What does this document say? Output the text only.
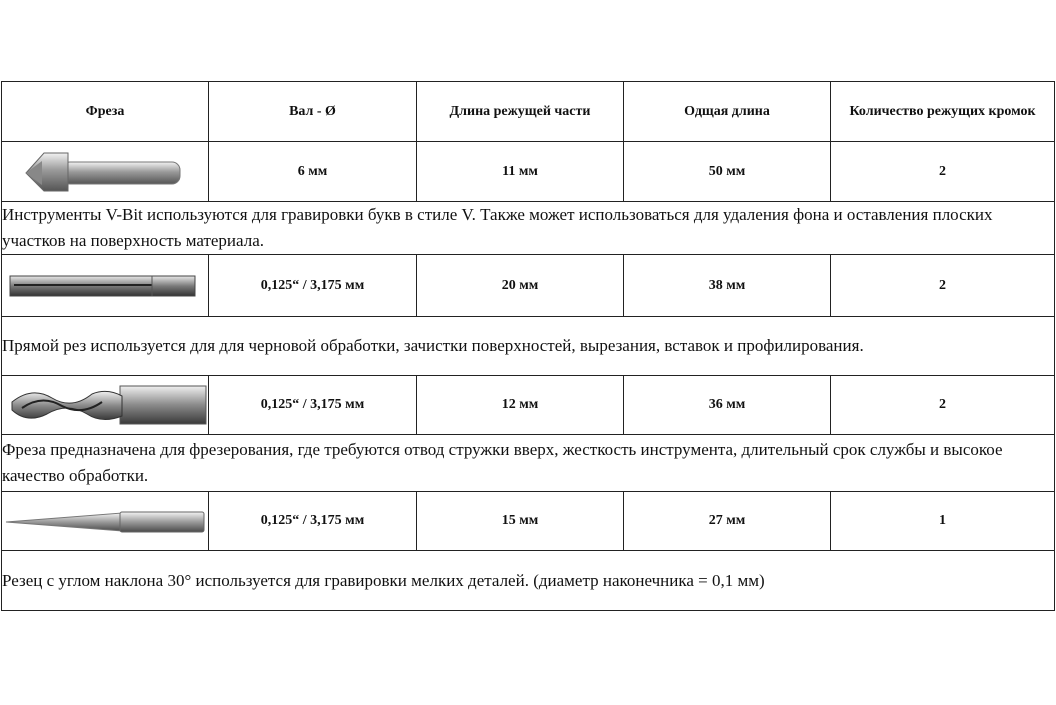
Фреза	Вал - Ø	Длина режущей части	Одщая длина	Количество режущих кромок

	6 мм	11 мм	50 мм	2
Инструменты V-Bit используются для гравировки букв в стиле V. Также может использоваться для удаления фона и оставления плоских участков на поверхность материала.				

	0,125“ / 3,175 мм	20 мм	38 мм	2
Прямой рез используется для для черновой обработки, зачистки поверхностей, вырезания, вставок и профилирования.				

	0,125“ / 3,175 мм	12 мм	36 мм	2
Фреза предназначена для фрезерования, где требуются отвод стружки вверх, жесткость инструмента, длительный срок службы и высокое качество обработки.				

	0,125“ / 3,175 мм	15 мм	27 мм	1
Резец с углом наклона 30° используется для гравировки мелких деталей. (диаметр наконечника = 0,1 мм)				
